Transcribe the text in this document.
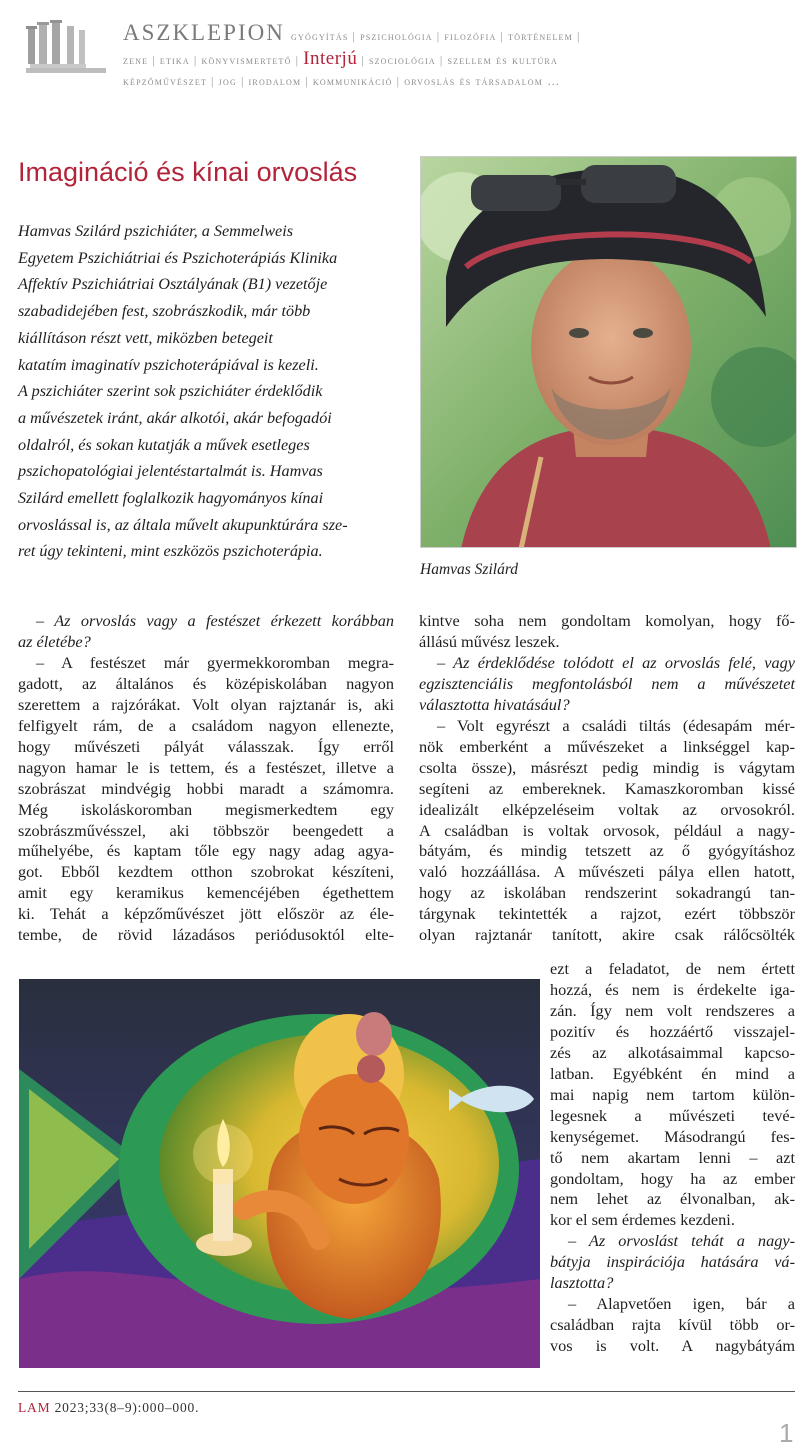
ASZKLEPION gyógyítás | pszichológia | filozófia | történelem |
zene | etika | könyvismertető | Interjú | szociológia | szellem és kultúra
képzőművészet | jog | irodalom | kommunikáció | orvoslás és társadalom …
Imagináció és kínai orvoslás
Hamvas Szilárd pszichiáter, a Semmelweis
Egyetem Pszichiátriai és Pszichoterápiás Klinika
Affektív Pszichiátriai Osztályának (B1) vezetője
szabadidejében fest, szobrászkodik, már több
kiállításon részt vett, miközben betegeit
katatím imaginatív pszichoterápiával is kezeli.
A pszichiáter szerint sok pszichiáter érdeklődik
a művészetek iránt, akár alkotói, akár befogadói
oldalról, és sokan kutatják a művek esetleges
pszichopatológiai jelentéstartalmát is. Hamvas
Szilárd emellett foglalkozik hagyományos kínai
orvoslással is, az általa művelt akupunktúrára sze-
ret úgy tekinteni, mint eszközös pszichoterápia.
Hamvas Szilárd
– Az orvoslás vagy a festészet érkezett korábban
az életébe?
– A festészet már gyermekkoromban megra-
gadott, az általános és középiskolában nagyon
szerettem a rajzórákat. Volt olyan rajztanár is, aki
felfigyelt rám, de a családom nagyon ellenezte,
hogy művészeti pályát válasszak. Így erről
nagyon hamar le is tettem, és a festészet, illetve a
szobrászat mindvégig hobbi maradt a számomra.
Még iskoláskoromban megismerkedtem egy
szobrászművésszel, aki többször beengedett a
műhelyébe, és kaptam tőle egy nagy adag agya-
got. Ebből kezdtem otthon szobrokat készíteni,
amit egy keramikus kemencéjében égethettem
ki. Tehát a képzőművészet jött először az éle-
tembe, de rövid lázadásos periódusoktól elte-
kintve soha nem gondoltam komolyan, hogy fő-
állású művész leszek.
– Az érdeklődése tolódott el az orvoslás felé, vagy
egzisztenciális megfontolásból nem a művészetet
választotta hivatásául?
– Volt egyrészt a családi tiltás (édesapám mér-
nök emberként a művészeket a linkséggel kap-
csolta össze), másrészt pedig mindig is vágytam
segíteni az embereknek. Kamaszkoromban kissé
idealizált elképzeléseim voltak az orvosokról.
A családban is voltak orvosok, például a nagy-
bátyám, és mindig tetszett az ő gyógyításhoz
való hozzáállása. A művészeti pálya ellen hatott,
hogy az iskolában rendszerint sokadrangú tan-
tárgynak tekintették a rajzot, ezért többször
olyan rajztanár tanított, akire csak rálőcsölték
ezt a feladatot, de nem értett
hozzá, és nem is érdekelte iga-
zán. Így nem volt rendszeres a
pozitív és hozzáértő visszajel-
zés az alkotásaimmal kapcso-
latban. Egyébként én mind a
mai napig nem tartom külön-
legesnek a művészeti tevé-
kenységemet. Másodrangú fes-
tő nem akartam lenni – azt
gondoltam, hogy ha az ember
nem lehet az élvonalban, ak-
kor el sem érdemes kezdeni.
– Az orvoslást tehát a nagy-
bátyja inspirációja hatására vá-
lasztotta?
– Alapvetően igen, bár a
családban rajta kívül több or-
vos is volt. A nagybátyám
LAM 2023;33(8–9):000–000.
1
